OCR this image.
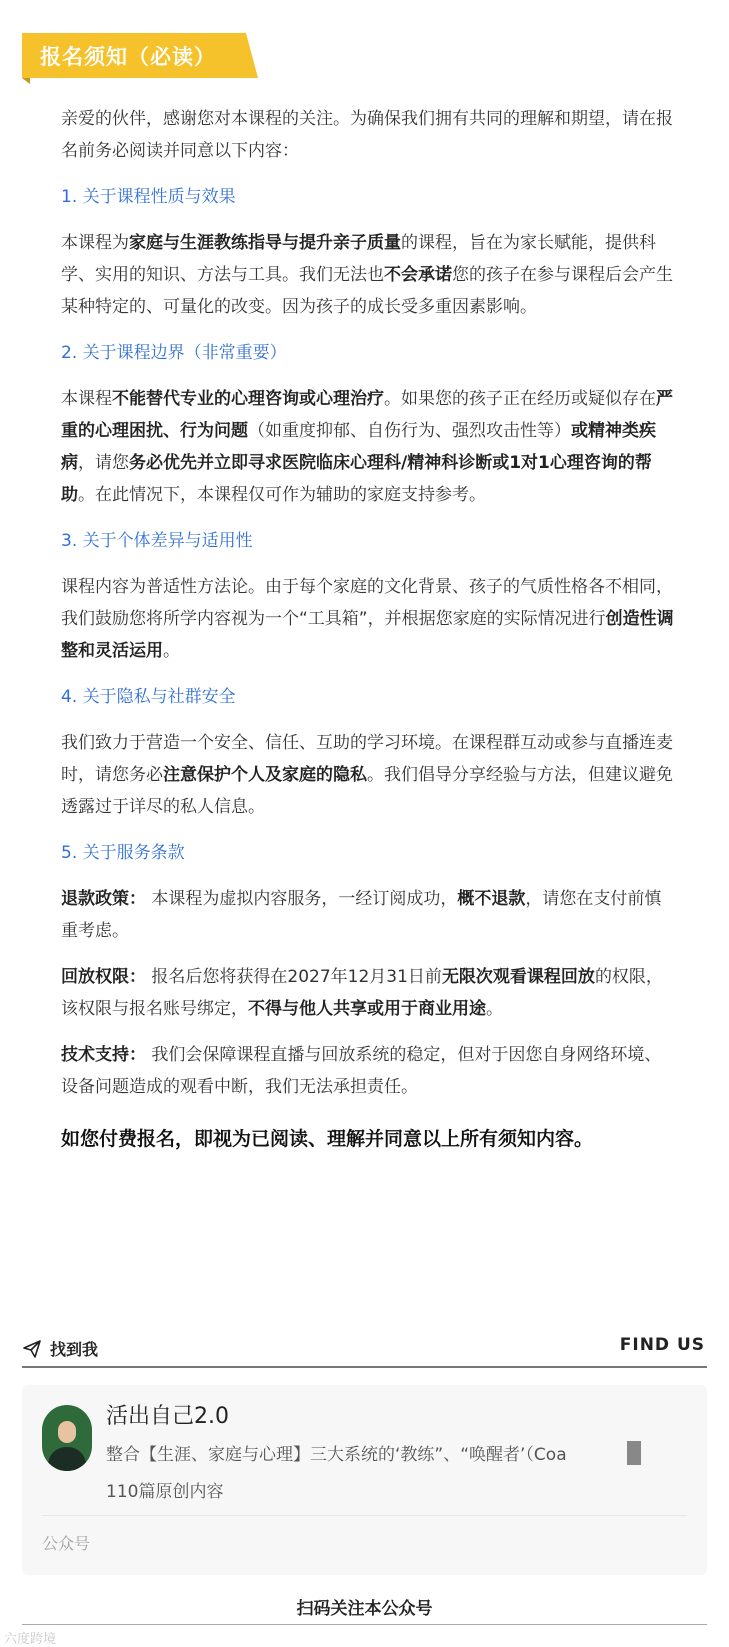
报名须知（必读）

亲爱的伙伴，感谢您对本课程的关注。为确保我们拥有共同的理解和期望，请在报名前务必阅读并同意以下内容：

1. 关于课程性质与效果

本课程为家庭与生涯教练指导与提升亲子质量的课程，旨在为家长赋能，提供科学、实用的知识、方法与工具。我们无法也不会承诺您的孩子在参与课程后会产生某种特定的、可量化的改变。因为孩子的成长受多重因素影响。

2. 关于课程边界（非常重要）

本课程不能替代专业的心理咨询或心理治疗。如果您的孩子正在经历或疑似存在严重的心理困扰、行为问题（如重度抑郁、自伤行为、强烈攻击性等）或精神类疾病，请您务必优先并立即寻求医院临床心理科/精神科诊断或1对1心理咨询的帮助。在此情况下，本课程仅可作为辅助的家庭支持参考。

3. 关于个体差异与适用性

课程内容为普适性方法论。由于每个家庭的文化背景、孩子的气质性格各不相同，我们鼓励您将所学内容视为一个“工具箱”，并根据您家庭的实际情况进行创造性调整和灵活运用。

4. 关于隐私与社群安全

我们致力于营造一个安全、信任、互助的学习环境。在课程群互动或参与直播连麦时，请您务必注意保护个人及家庭的隐私。我们倡导分享经验与方法，但建议避免透露过于详尽的私人信息。

5. 关于服务条款

退款政策： 本课程为虚拟内容服务，一经订阅成功，概不退款，请您在支付前慎重考虑。

回放权限： 报名后您将获得在2027年12月31日前无限次观看课程回放的权限，该权限与报名账号绑定，不得与他人共享或用于商业用途。

技术支持： 我们会保障课程直播与回放系统的稳定，但对于因您自身网络环境、设备问题造成的观看中断，我们无法承担责任。

如您付费报名，即视为已阅读、理解并同意以上所有须知内容。

找到我	FIND US
活出自己2.0
整合【生涯、家庭与心理】三大系统的‘教练”、“唤醒者’（Coa
110篇原创内容
公众号
扫码关注本公众号
六度跨境
